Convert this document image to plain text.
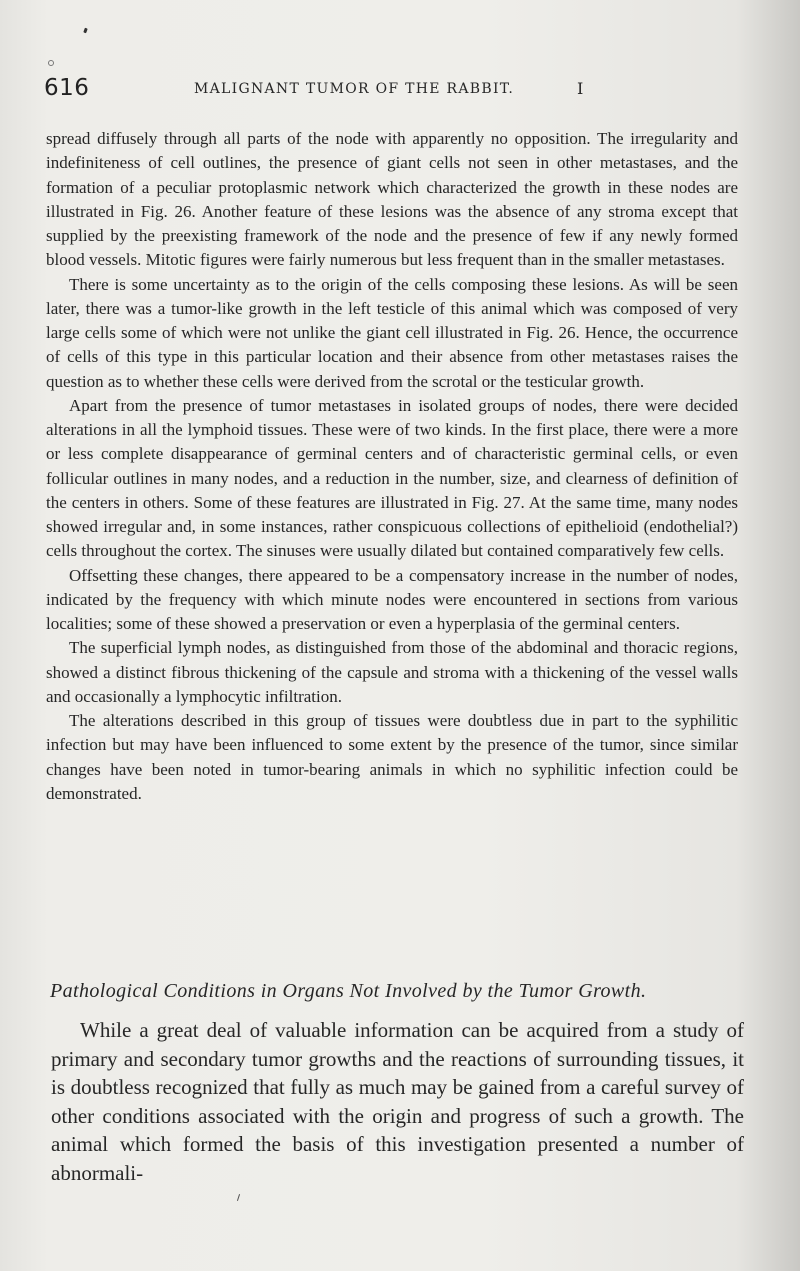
616	MALIGNANT TUMOR OF THE RABBIT.	I

spread diffusely through all parts of the node with apparently no opposition. The irregularity and indefiniteness of cell outlines, the presence of giant cells not seen in other metastases, and the formation of a peculiar protoplasmic network which characterized the growth in these nodes are illustrated in Fig. 26. Another feature of these lesions was the absence of any stroma except that supplied by the preexisting framework of the node and the presence of few if any newly formed blood vessels. Mitotic figures were fairly numerous but less frequent than in the smaller metastases.

There is some uncertainty as to the origin of the cells composing these lesions. As will be seen later, there was a tumor-like growth in the left testicle of this animal which was composed of very large cells some of which were not unlike the giant cell illustrated in Fig. 26. Hence, the occurrence of cells of this type in this particular location and their absence from other metastases raises the question as to whether these cells were derived from the scrotal or the testicular growth.

Apart from the presence of tumor metastases in isolated groups of nodes, there were decided alterations in all the lymphoid tissues. These were of two kinds. In the first place, there were a more or less complete disappearance of germinal centers and of characteristic germinal cells, or even follicular outlines in many nodes, and a reduction in the number, size, and clearness of definition of the centers in others. Some of these features are illustrated in Fig. 27. At the same time, many nodes showed irregular and, in some instances, rather conspicuous collections of epithelioid (endothelial?) cells throughout the cortex. The sinuses were usually dilated but contained comparatively few cells.

Offsetting these changes, there appeared to be a compensatory increase in the number of nodes, indicated by the frequency with which minute nodes were encountered in sections from various localities; some of these showed a preservation or even a hyperplasia of the germinal centers.

The superficial lymph nodes, as distinguished from those of the abdominal and thoracic regions, showed a distinct fibrous thickening of the capsule and stroma with a thickening of the vessel walls and occasionally a lymphocytic infiltration.

The alterations described in this group of tissues were doubtless due in part to the syphilitic infection but may have been influenced to some extent by the presence of the tumor, since similar changes have been noted in tumor-bearing animals in which no syphilitic infection could be demonstrated.

Pathological Conditions in Organs Not Involved by the Tumor Growth.

While a great deal of valuable information can be acquired from a study of primary and secondary tumor growths and the reactions of surrounding tissues, it is doubtless recognized that fully as much may be gained from a careful survey of other conditions associated with the origin and progress of such a growth. The animal which formed the basis of this investigation presented a number of abnormali-
